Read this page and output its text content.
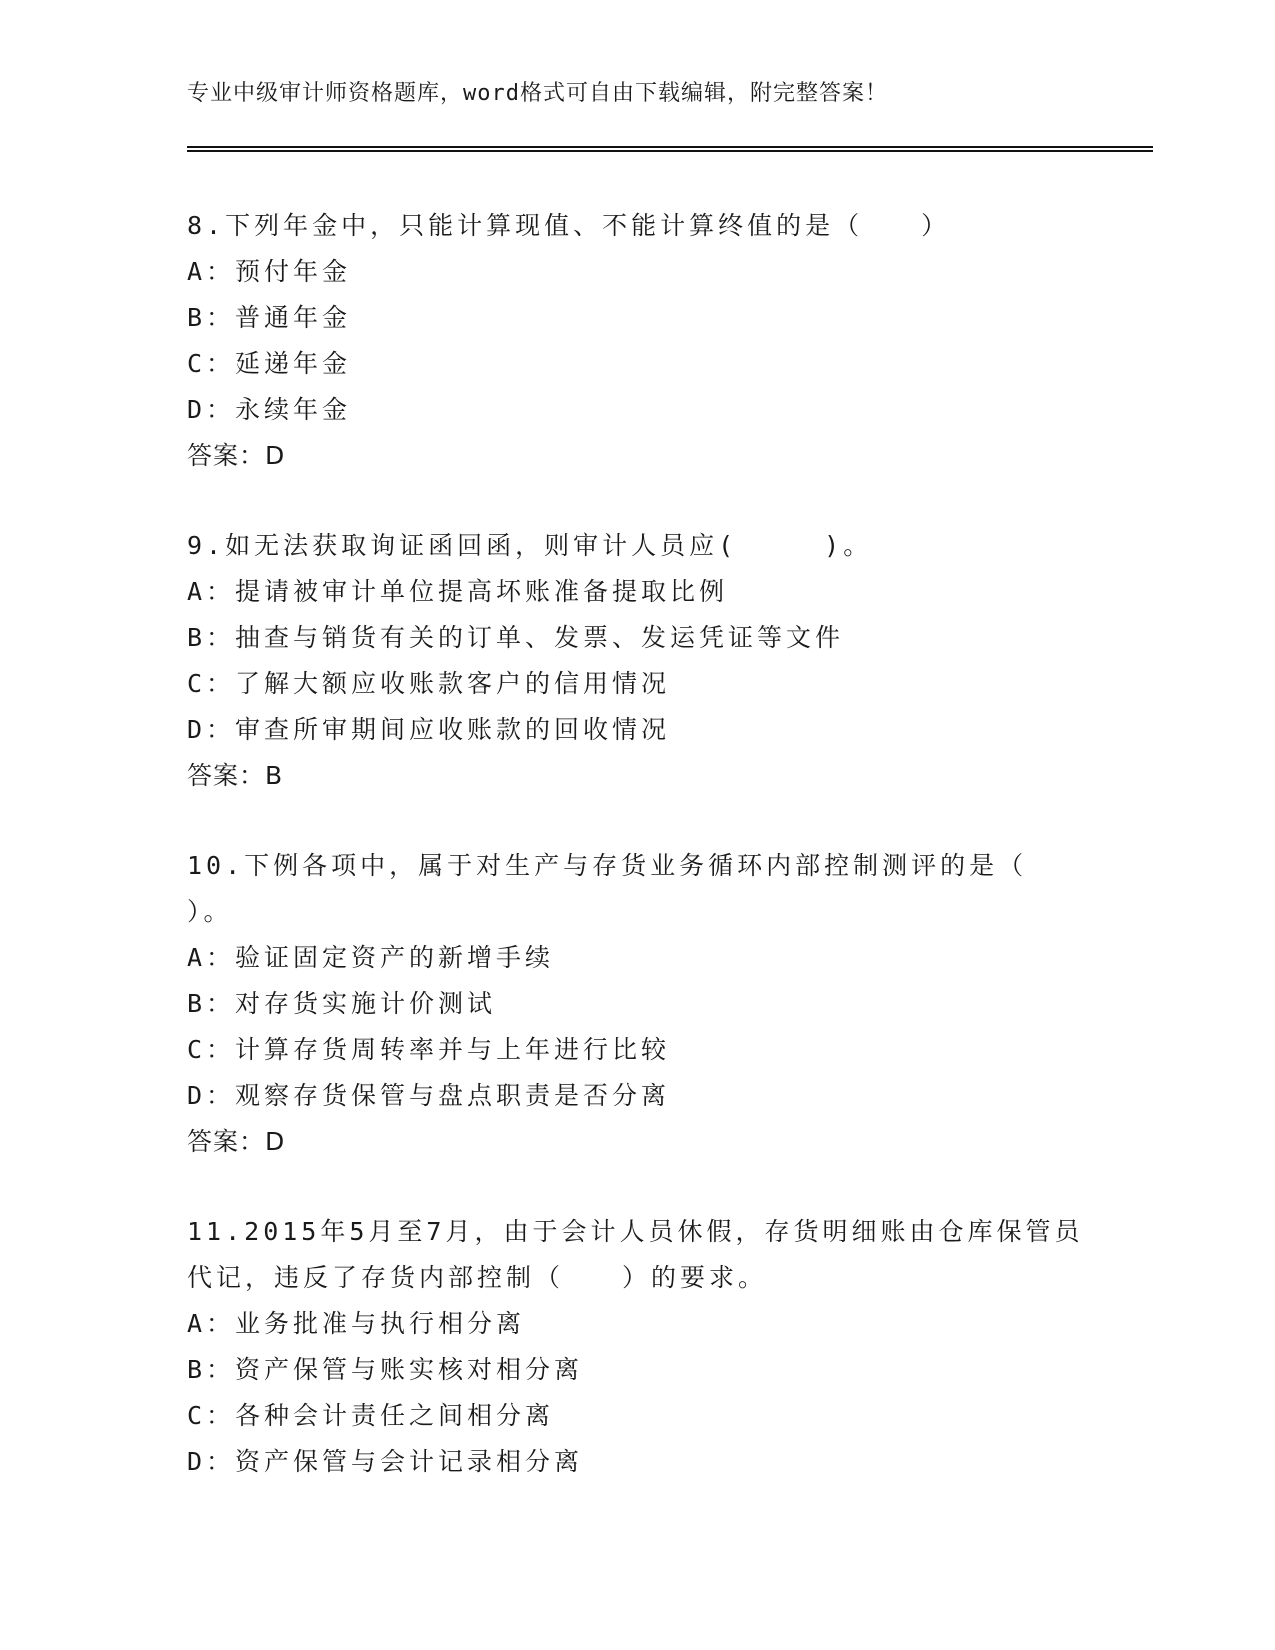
专业中级审计师资格题库，word格式可自由下载编辑，附完整答案！
8.下列年金中，只能计算现值、不能计算终值的是（　　）
A：预付年金
B：普通年金
C：延递年金
D：永续年金
答案：D
9.如无法获取询证函回函，则审计人员应(　　　)。
A：提请被审计单位提高坏账准备提取比例
B：抽查与销货有关的订单、发票、发运凭证等文件
C：了解大额应收账款客户的信用情况
D：审查所审期间应收账款的回收情况
答案：B
10.下例各项中，属于对生产与存货业务循环内部控制测评的是（
）。
A：验证固定资产的新增手续
B：对存货实施计价测试
C：计算存货周转率并与上年进行比较
D：观察存货保管与盘点职责是否分离
答案：D
11.2015年5月至7月，由于会计人员休假，存货明细账由仓库保管员
代记，违反了存货内部控制（　　）的要求。
A：业务批准与执行相分离
B：资产保管与账实核对相分离
C：各种会计责任之间相分离
D：资产保管与会计记录相分离
